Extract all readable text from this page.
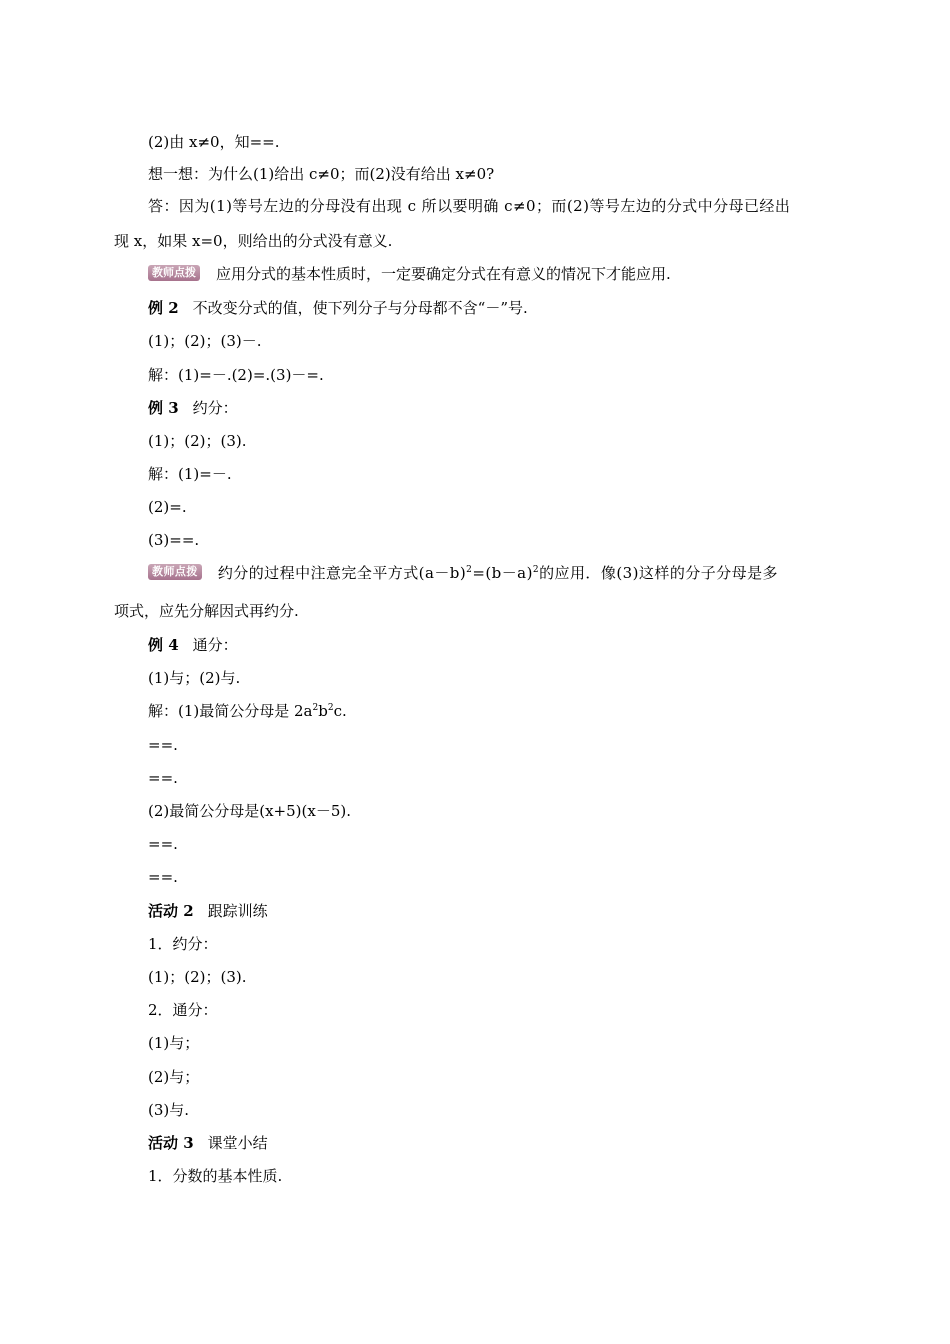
(2)由 x≠0，知==.
想一想：为什么(1)给出 c≠0；而(2)没有给出 x≠0?
答：因为(1)等号左边的分母没有出现 c 所以要明确 c≠0；而(2)等号左边的分式中分母已经出
现 x，如果 x=0，则给出的分式没有意义.
教师点拨 应用分式的基本性质时，一定要确定分式在有意义的情况下才能应用.
例 2 不改变分式的值，使下列分子与分母都不含“－”号.
(1)；(2)；(3)－.
解：(1)=－.(2)=.(3)－=.
例 3 约分：
(1)；(2)；(3).
解：(1)=－.
(2)=.
(3)==.
教师点拨 约分的过程中注意完全平方式$(a-b)^2=(b-a)^2$的应用．像(3)这样的分子分母是多
项式，应先分解因式再约分.
例 4 通分：
(1)与；(2)与.
解：(1)最简公分母是 $2a^2b^2c$.
==.
==.
(2)最简公分母是(x+5)(x－5).
==.
==.
活动 2 跟踪训练
1．约分：
(1)；(2)；(3).
2．通分：
(1)与；
(2)与；
(3)与.
活动 3 课堂小结
1．分数的基本性质.
